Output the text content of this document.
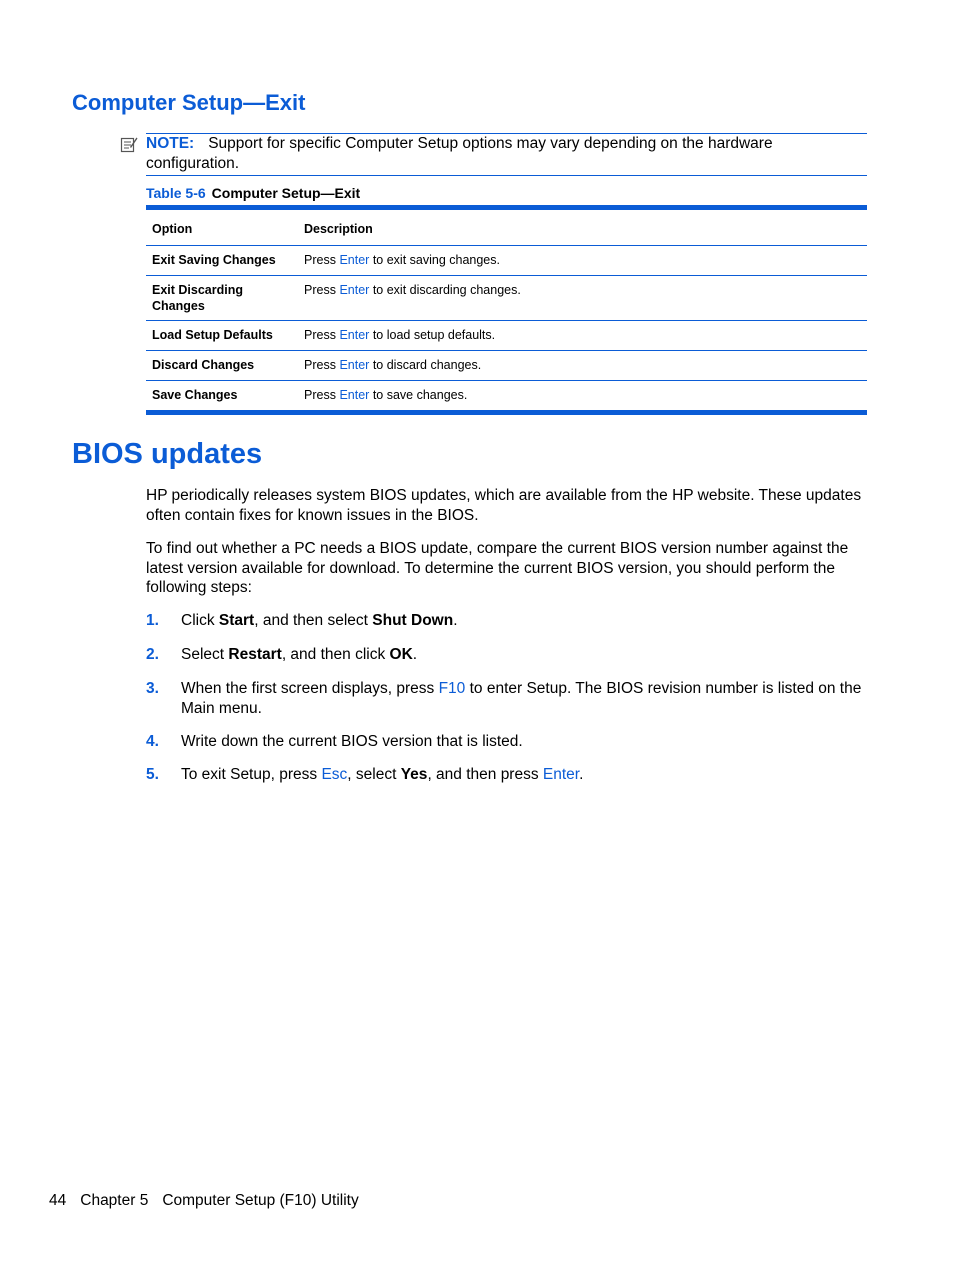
Computer Setup—Exit
NOTE: Support for specific Computer Setup options may vary depending on the hardware configuration.
Table 5-6 Computer Setup—Exit
Option	Description
Exit Saving Changes	Press Enter to exit saving changes.
Exit Discarding Changes	Press Enter to exit discarding changes.
Load Setup Defaults	Press Enter to load setup defaults.
Discard Changes	Press Enter to discard changes.
Save Changes	Press Enter to save changes.
BIOS updates

HP periodically releases system BIOS updates, which are available from the HP website. These updates often contain fixes for known issues in the BIOS.

To find out whether a PC needs a BIOS update, compare the current BIOS version number against the latest version available for download. To determine the current BIOS version, you should perform the following steps:

1. Click Start, and then select Shut Down.
2. Select Restart, and then click OK.
3. When the first screen displays, press F10 to enter Setup. The BIOS revision number is listed on the Main menu.
4. Write down the current BIOS version that is listed.
5. To exit Setup, press Esc, select Yes, and then press Enter.
44 Chapter 5 Computer Setup (F10) Utility
